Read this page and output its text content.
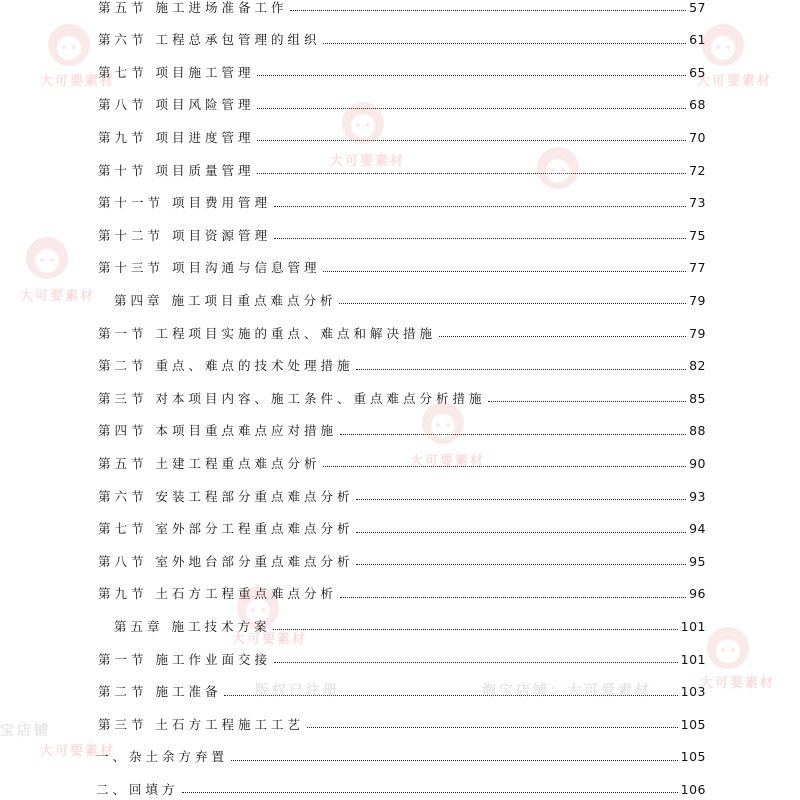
第五节 施工进场准备工作	57
第六节 工程总承包管理的组织	61
第七节 项目施工管理	65
第八节 项目风险管理	68
第九节 项目进度管理	70
第十节 项目质量管理	72
第十一节 项目费用管理	73
第十二节 项目资源管理	75
第十三节 项目沟通与信息管理	77
第四章 施工项目重点难点分析	79
第一节 工程项目实施的重点、难点和解决措施	79
第二节 重点、难点的技术处理措施	82
第三节 对本项目内容、施工条件、重点难点分析措施	85
第四节 本项目重点难点应对措施	88
第五节 土建工程重点难点分析	90
第六节 安装工程部分重点难点分析	93
第七节 室外部分工程重点难点分析	94
第八节 室外地台部分重点难点分析	95
第九节 土石方工程重点难点分析	96
第五章 施工技术方案	101
第一节 施工作业面交接	101
第二节 施工准备	103
第三节 土石方工程施工工艺	105
一、杂土余方弃置	105
二、回填方	106
大可要素材	大可要素材
大可要素材
大可要素材
大可要素材
大可要素材
大可要素材
大可要素材
版权已注册	淘宝店铺：大可爱素材
宝店铺
